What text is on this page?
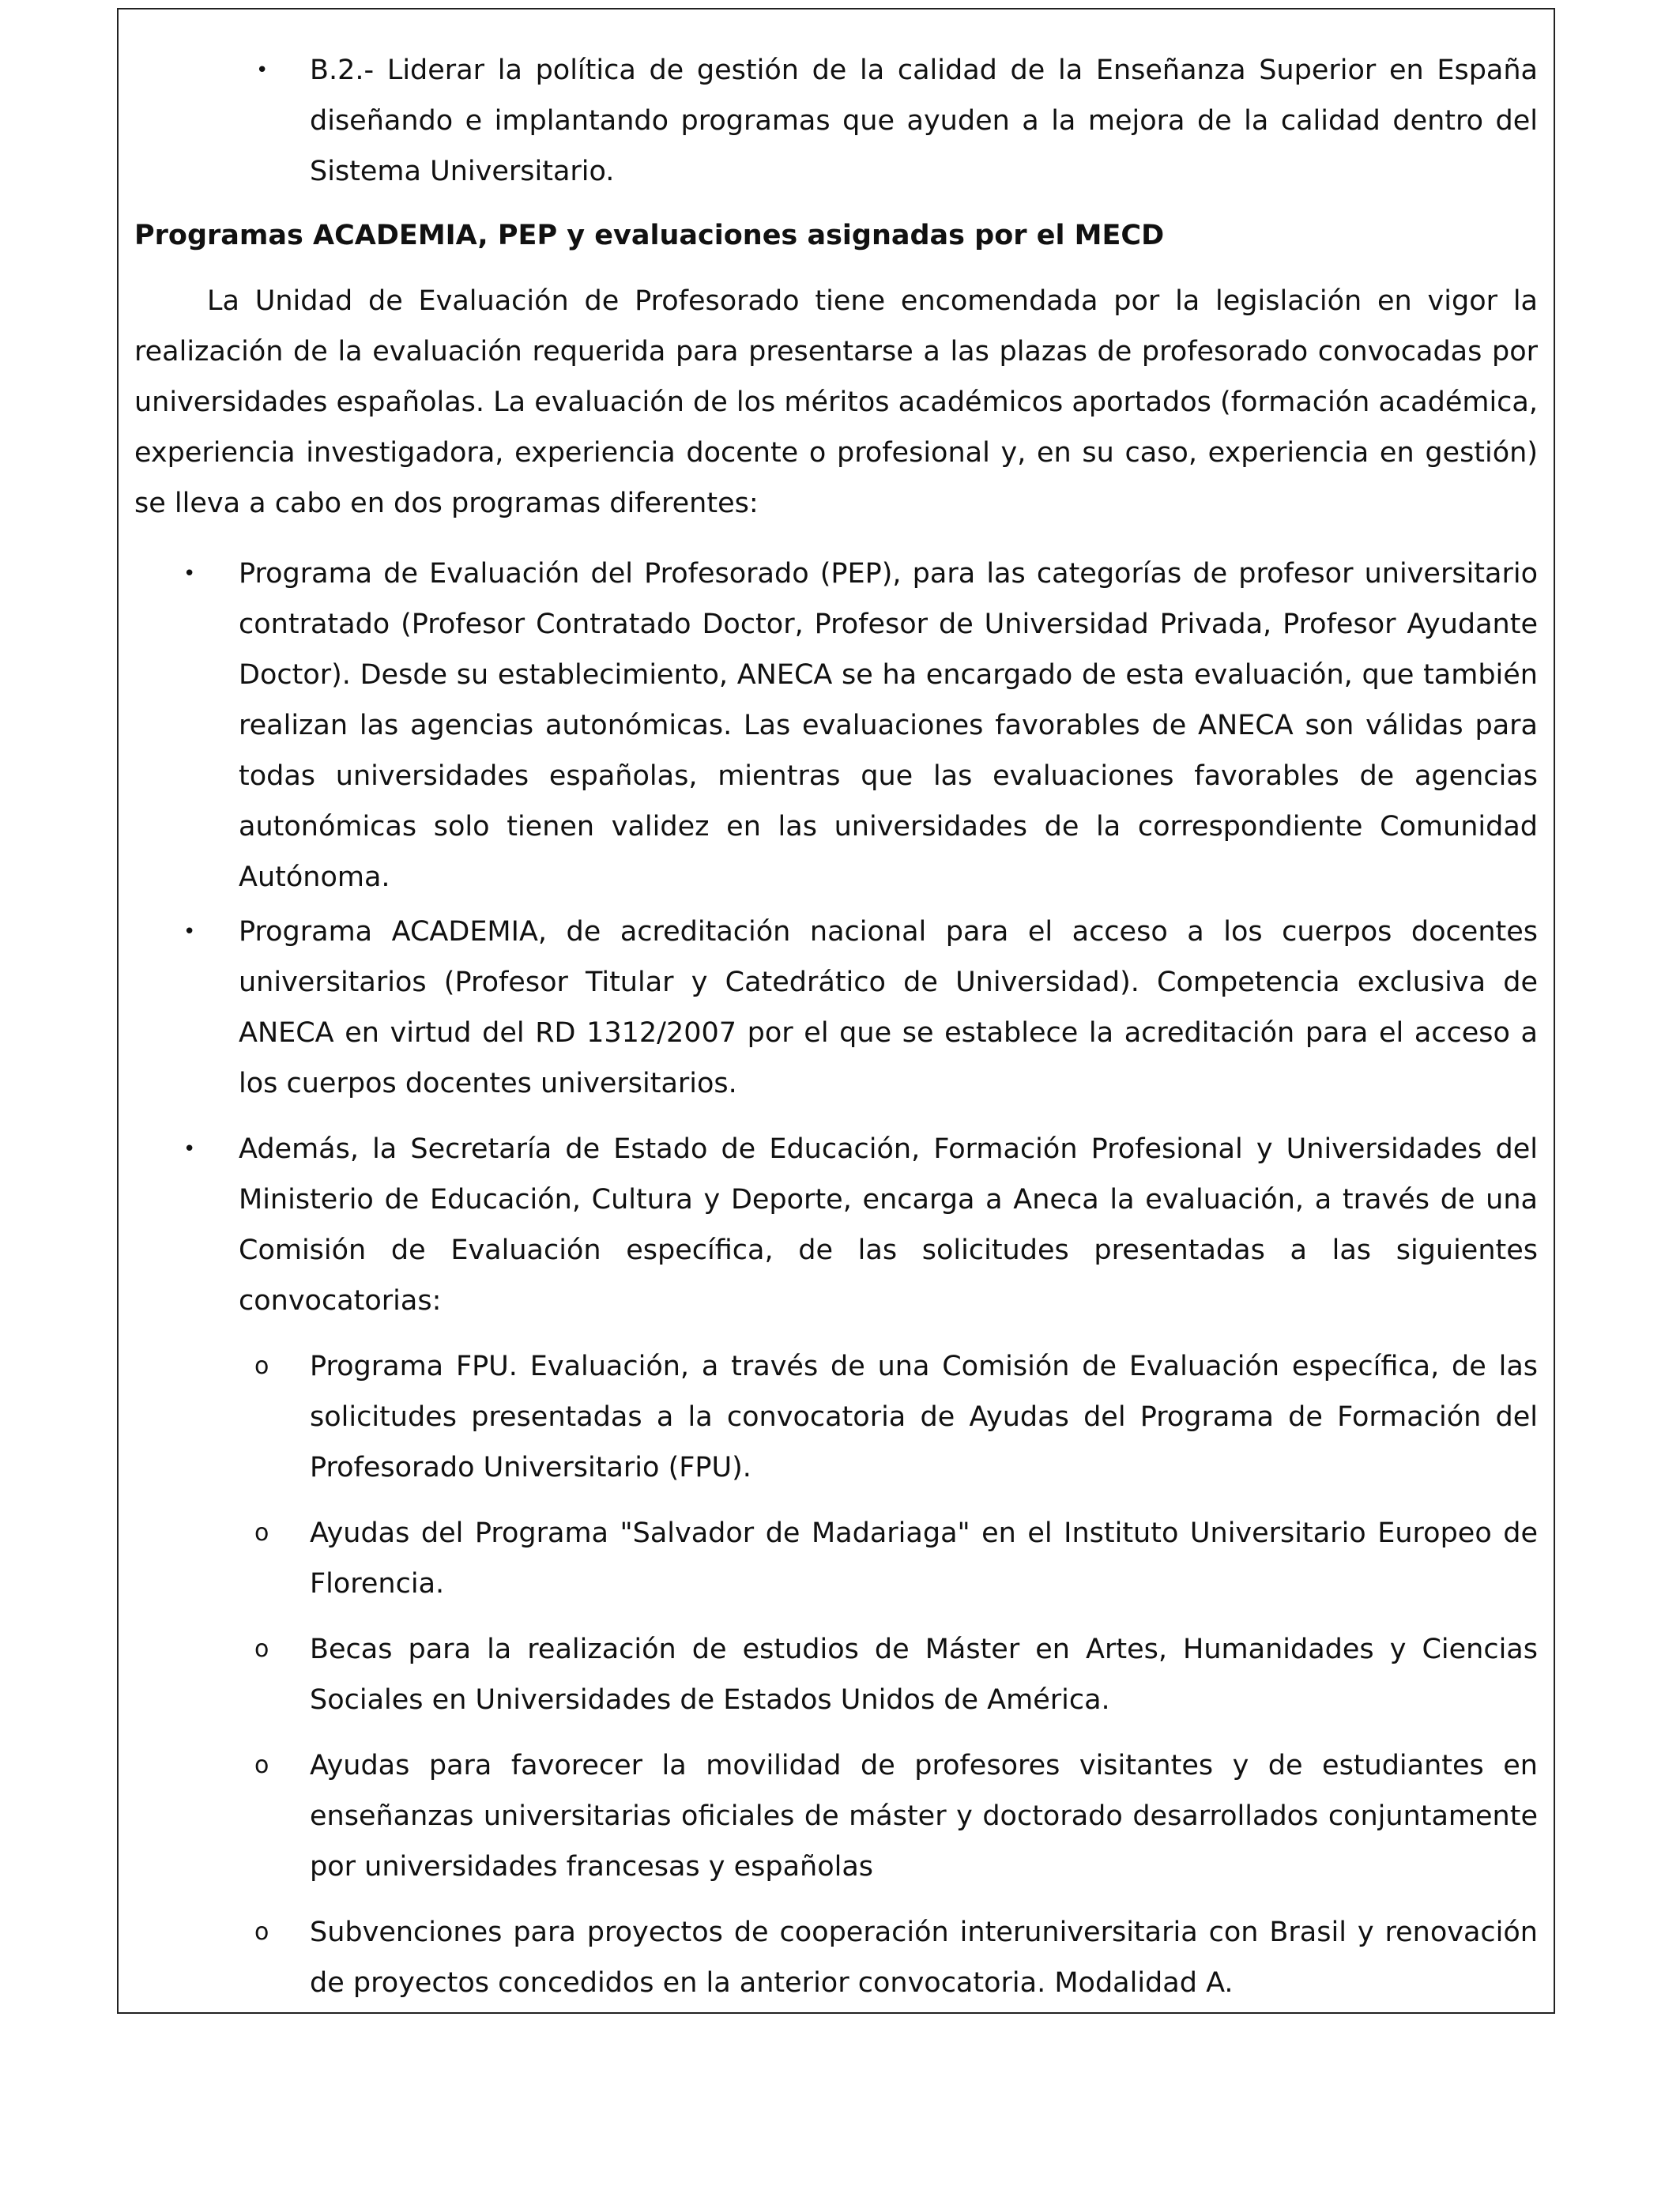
• B.2.- Liderar la política de gestión de la calidad de la Enseñanza Superior en España diseñando e implantando programas que ayuden a la mejora de la calidad dentro del Sistema Universitario.

Programas ACADEMIA, PEP y evaluaciones asignadas por el MECD

La Unidad de Evaluación de Profesorado tiene encomendada por la legislación en vigor la realización de la evaluación requerida para presentarse a las plazas de profesorado convocadas por universidades españolas. La evaluación de los méritos académicos aportados (formación académica, experiencia investigadora, experiencia docente o profesional y, en su caso, experiencia en gestión) se lleva a cabo en dos programas diferentes:

• Programa de Evaluación del Profesorado (PEP), para las categorías de profesor universitario contratado (Profesor Contratado Doctor, Profesor de Universidad Privada, Profesor Ayudante Doctor). Desde su establecimiento, ANECA se ha encargado de esta evaluación, que también realizan las agencias autonómicas. Las evaluaciones favorables de ANECA son válidas para todas universidades españolas, mientras que las evaluaciones favorables de agencias autonómicas solo tienen validez en las universidades de la correspondiente Comunidad Autónoma.
• Programa ACADEMIA, de acreditación nacional para el acceso a los cuerpos docentes universitarios (Profesor Titular y Catedrático de Universidad). Competencia exclusiva de ANECA en virtud del RD 1312/2007 por el que se establece la acreditación para el acceso a los cuerpos docentes universitarios.
• Además, la Secretaría de Estado de Educación, Formación Profesional y Universidades del Ministerio de Educación, Cultura y Deporte, encarga a Aneca la evaluación, a través de una Comisión de Evaluación específica, de las solicitudes presentadas a las siguientes convocatorias:
o Programa FPU. Evaluación, a través de una Comisión de Evaluación específica, de las solicitudes presentadas a la convocatoria de Ayudas del Programa de Formación del Profesorado Universitario (FPU).
o Ayudas del Programa "Salvador de Madariaga" en el Instituto Universitario Europeo de Florencia.
o Becas para la realización de estudios de Máster en Artes, Humanidades y Ciencias Sociales en Universidades de Estados Unidos de América.
o Ayudas para favorecer la movilidad de profesores visitantes y de estudiantes en enseñanzas universitarias oficiales de máster y doctorado desarrollados conjuntamente por universidades francesas y españolas
o Subvenciones para proyectos de cooperación interuniversitaria con Brasil y renovación de proyectos concedidos en la anterior convocatoria. Modalidad A.
